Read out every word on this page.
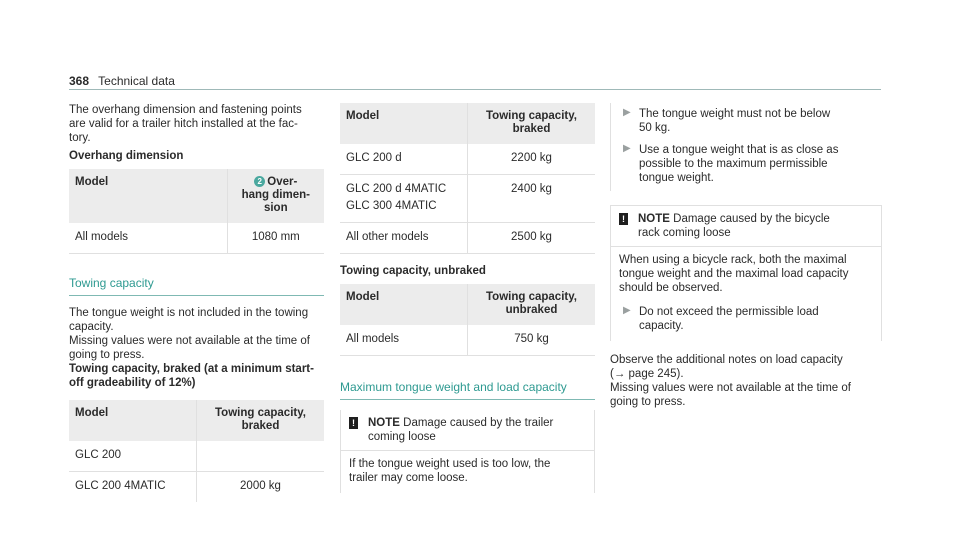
368 Technical data

The overhang dimension and fastening points

are valid for a trailer hitch installed at the fac-

tory.

Overhang dimension

Model	2 Over-
hang dimen-
sion
All models	1080 mm
Towing capacity

The tongue weight is not included in the towing

capacity.

Missing values were not available at the time of

going to press.

Towing capacity, braked (at a minimum start-

off gradeability of 12%)

Model	Towing capacity,
braked
GLC 200	
GLC 200 4MATIC	2000 kg
Model	Towing capacity,
braked
GLC 200 d	2200 kg
GLC 200 d 4MATIC
GLC 300 4MATIC	2400 kg
All other models	2500 kg

Towing capacity, unbraked

Model	Towing capacity,
unbraked
All models	750 kg
Maximum tongue weight and load capacity
! NOTE Damage caused by the trailer

coming loose

If the tongue weight used is too low, the

trailer may come loose.

▶ The tongue weight must not be below

50 kg.

▶ Use a tongue weight that is as close as

possible to the maximum permissible

tongue weight.

! NOTE Damage caused by the bicycle

rack coming loose

When using a bicycle rack, both the maximal

tongue weight and the maximal load capacity

should be observed.

▶ Do not exceed the permissible load

capacity.

Observe the additional notes on load capacity

(→ page 245).

Missing values were not available at the time of

going to press.
